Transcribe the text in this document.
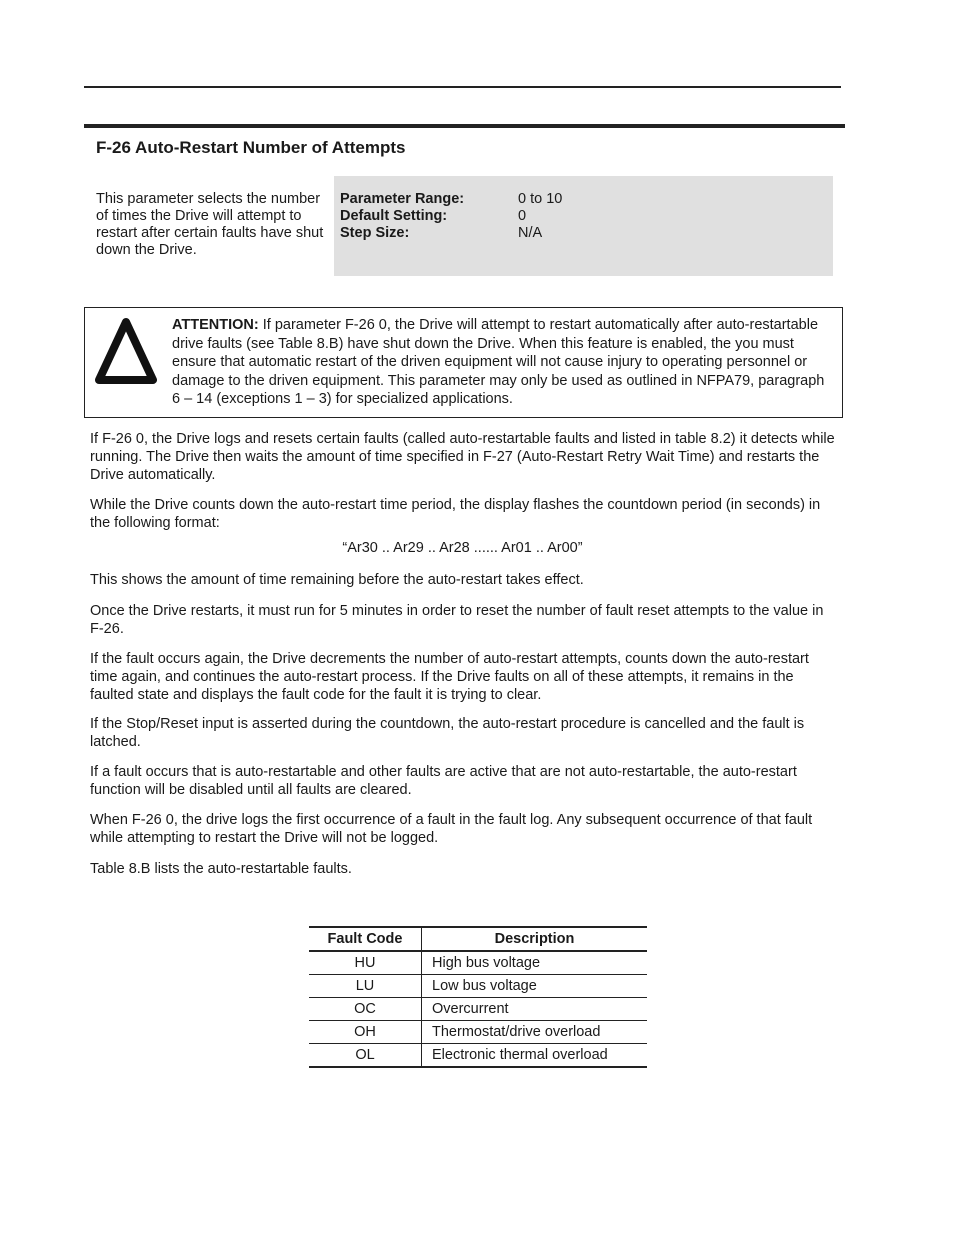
F-26 Auto-Restart Number of Attempts

This parameter selects the number of times the Drive will attempt to restart after certain faults have shut down the Drive.

Parameter Range:	0 to 10
Default Setting:	0
Step Size:	N/A

ATTENTION: If parameter F-26 0, the Drive will attempt to restart automatically after auto-restartable drive faults (see Table 8.B) have shut down the Drive. When this feature is enabled, the you must ensure that automatic restart of the driven equipment will not cause injury to operating personnel or damage to the driven equipment. This parameter may only be used as outlined in NFPA79, paragraph 6 – 14 (exceptions 1 – 3) for specialized applications.

If F-26 0, the Drive logs and resets certain faults (called auto-restartable faults and listed in table 8.2) it detects while running. The Drive then waits the amount of time specified in F-27 (Auto-Restart Retry Wait Time) and restarts the Drive automatically.

While the Drive counts down the auto-restart time period, the display flashes the countdown period (in seconds) in the following format:

“Ar30 .. Ar29 .. Ar28 ...... Ar01 .. Ar00”

This shows the amount of time remaining before the auto-restart takes effect.

Once the Drive restarts, it must run for 5 minutes in order to reset the number of fault reset attempts to the value in F-26.

If the fault occurs again, the Drive decrements the number of auto-restart attempts, counts down the auto-restart time again, and continues the auto-restart process. If the Drive faults on all of these attempts, it remains in the faulted state and displays the fault code for the fault it is trying to clear.

If the Stop/Reset input is asserted during the countdown, the auto-restart procedure is cancelled and the fault is latched.

If a fault occurs that is auto-restartable and other faults are active that are not auto-restartable, the auto-restart function will be disabled until all faults are cleared.

When F-26 0, the drive logs the first occurrence of a fault in the fault log. Any subsequent occurrence of that fault while attempting to restart the Drive will not be logged.

Table 8.B lists the auto-restartable faults.

Fault Code	Description
HU	High bus voltage
LU	Low bus voltage
OC	Overcurrent
OH	Thermostat/drive overload
OL	Electronic thermal overload
